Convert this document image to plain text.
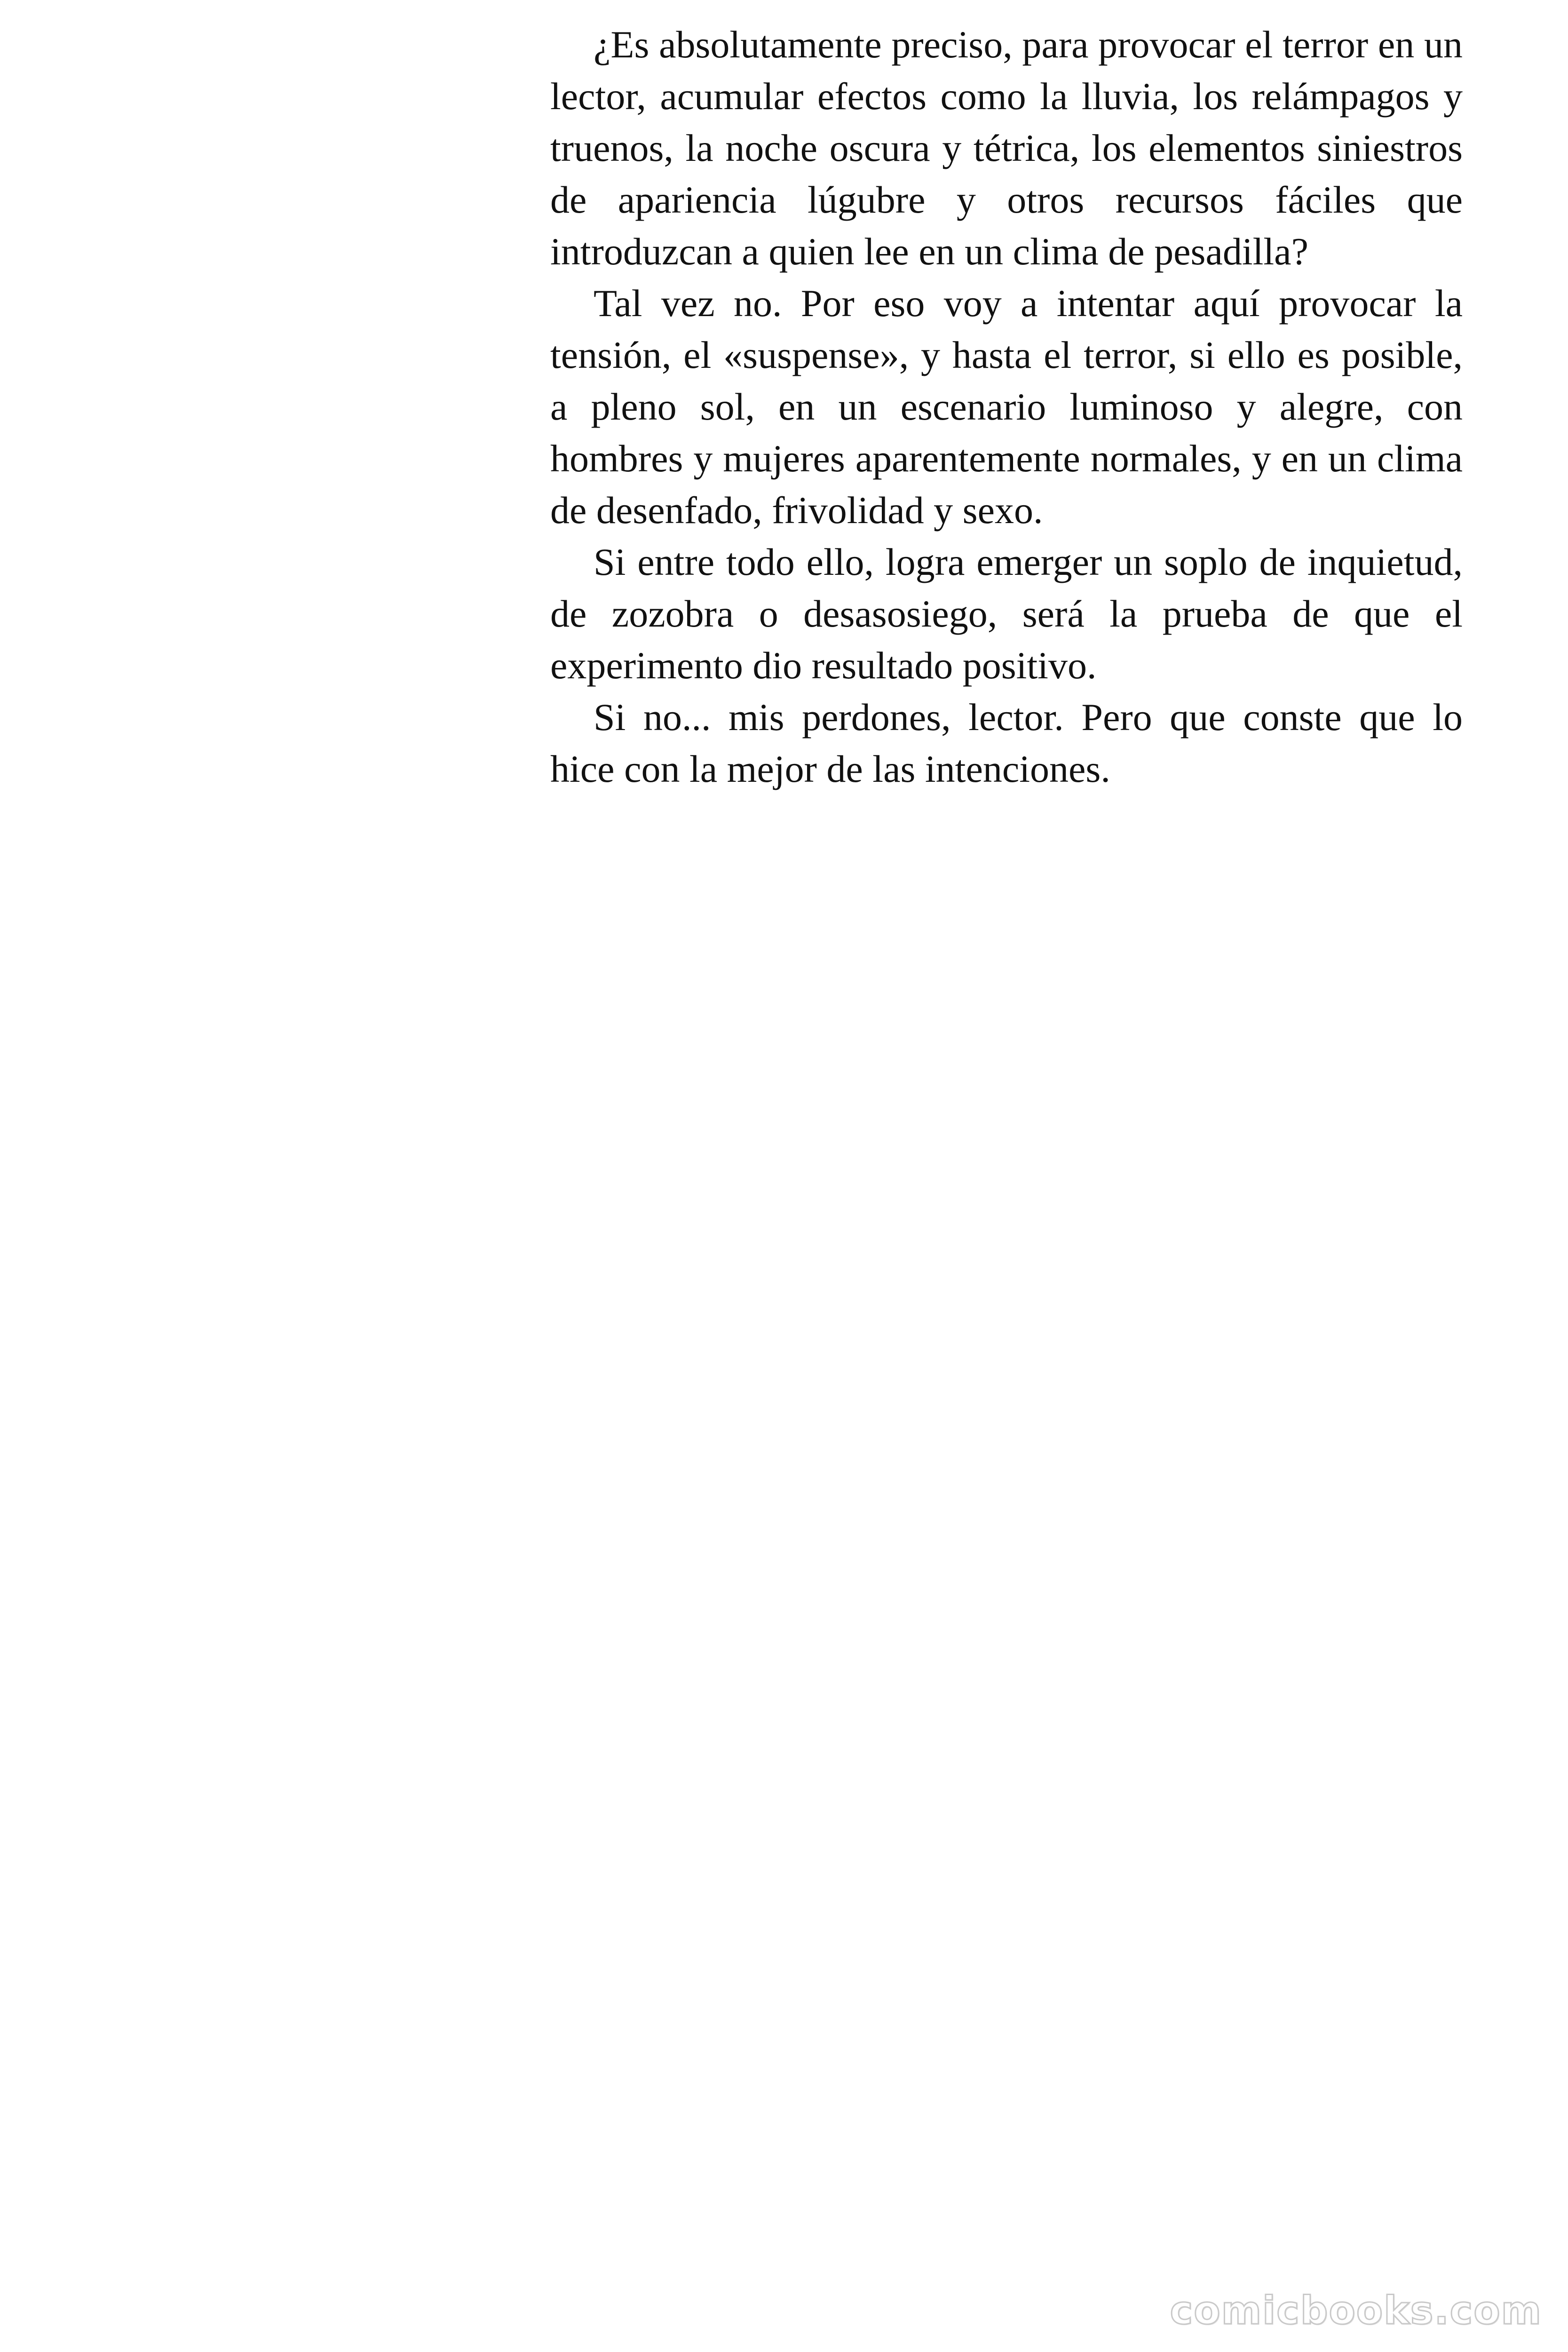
¿Es absolutamente preciso, para provocar el terror en un lector, acumular efectos como la lluvia, los relámpagos y truenos, la noche oscura y tétrica, los elementos siniestros de apariencia lúgubre y otros recursos fáciles que introduzcan a quien lee en un clima de pesadilla?

Tal vez no. Por eso voy a intentar aquí provocar la tensión, el «suspense», y hasta el terror, si ello es posible, a pleno sol, en un escenario luminoso y alegre, con hombres y mujeres aparentemente normales, y en un clima de desenfado, frivolidad y sexo.

Si entre todo ello, logra emerger un soplo de inquietud, de zozobra o desasosiego, será la prueba de que el experimento dio resultado positivo.

Si no... mis perdones, lector. Pero que conste que lo hice con la mejor de las intenciones.

comicbooks.com
